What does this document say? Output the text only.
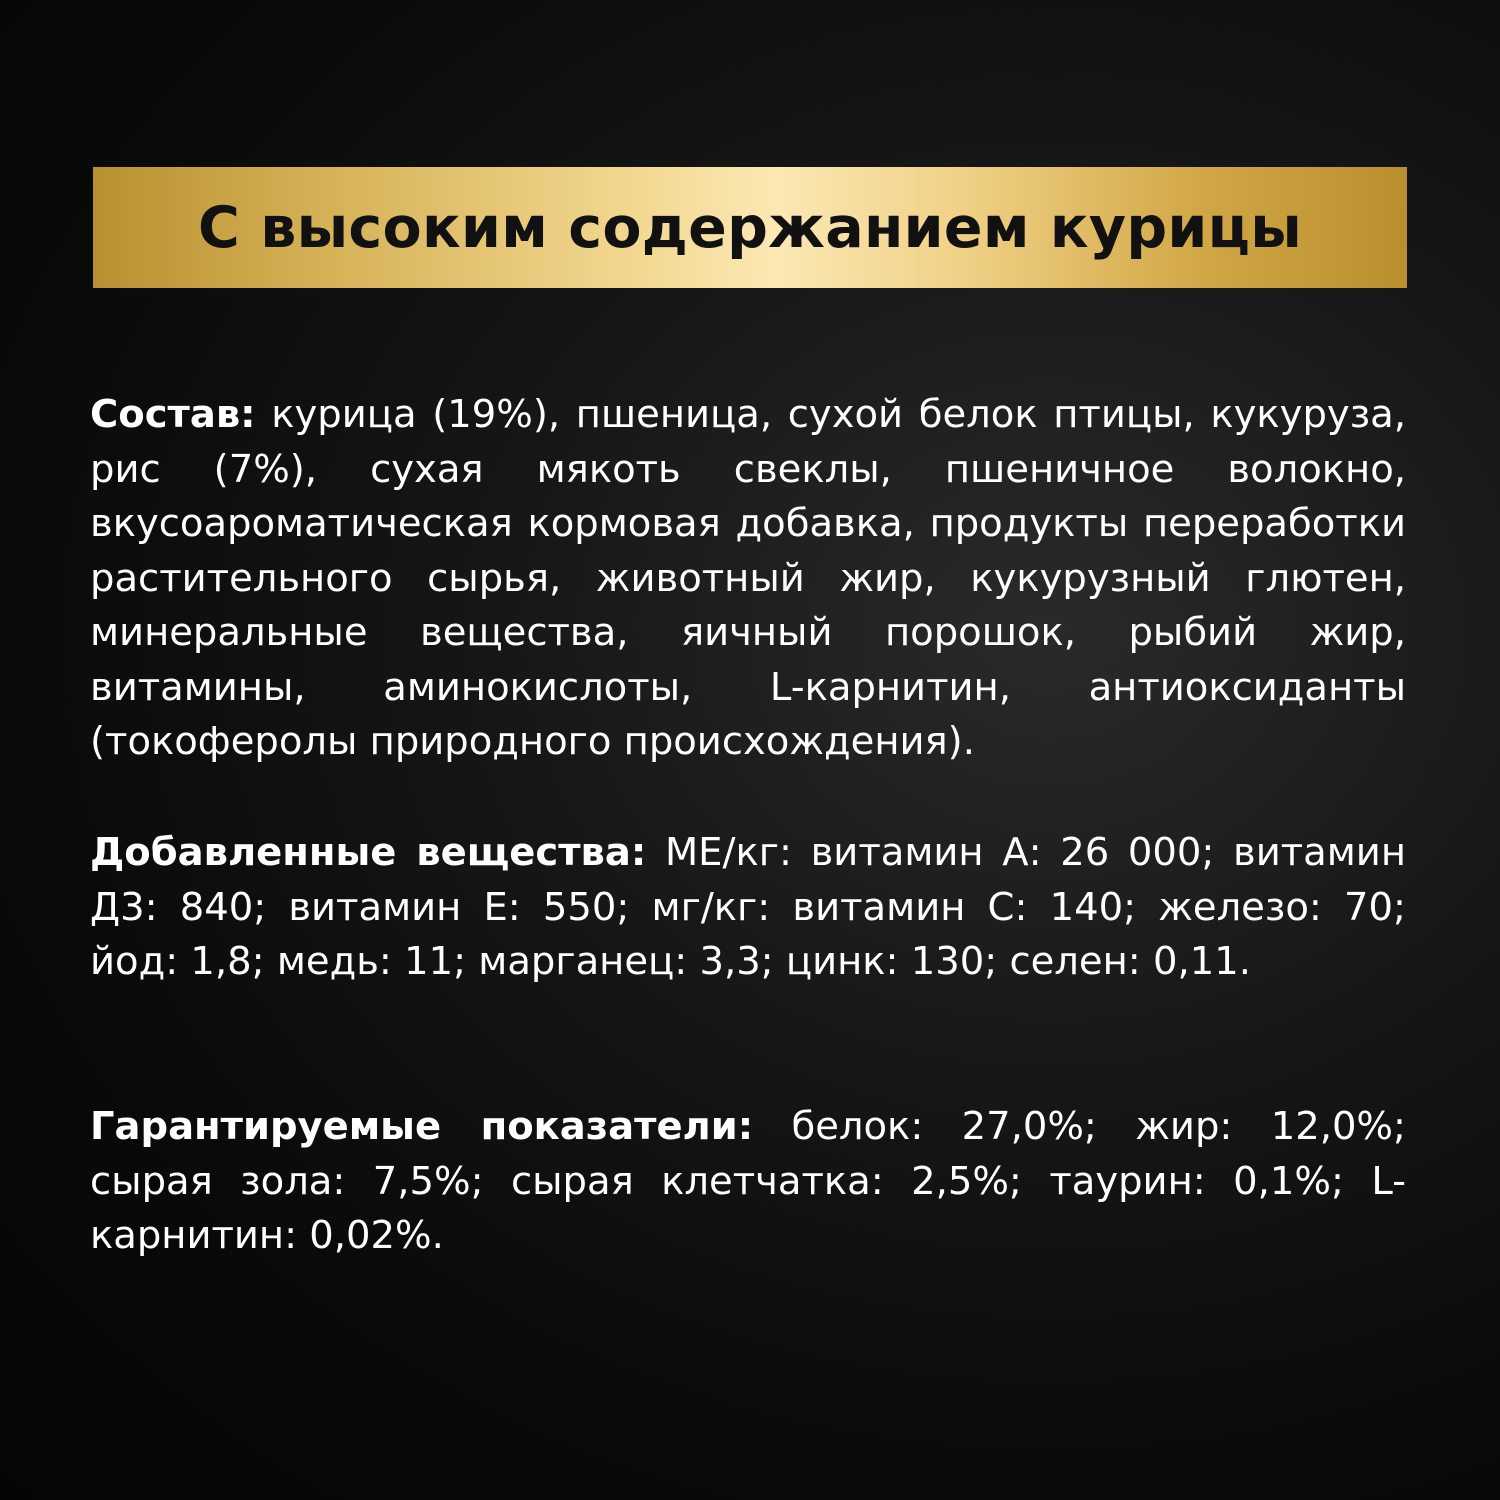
С высоким содержанием курицы
Состав: курица (19%), пшеница, сухой белок птицы, кукуруза, рис (7%), сухая мякоть свеклы, пшеничное волокно, вкусоароматическая кормовая добавка, продукты переработки растительного сырья, животный жир, кукурузный глютен, минеральные вещества, яичный порошок, рыбий жир, витамины, аминокислоты, L-карнитин, антиоксиданты (токоферолы природного происхождения).
Добавленные вещества: МЕ/кг: витамин А: 26 000; витамин Д3: 840; витамин Е: 550; мг/кг: витамин С: 140; железо: 70; йод: 1,8; медь: 11; марганец: 3,3; цинк: 130; селен: 0,11.
Гарантируемые показатели: белок: 27,0%; жир: 12,0%; сырая зола: 7,5%; сырая клетчатка: 2,5%; таурин: 0,1%; L-карнитин: 0,02%.
